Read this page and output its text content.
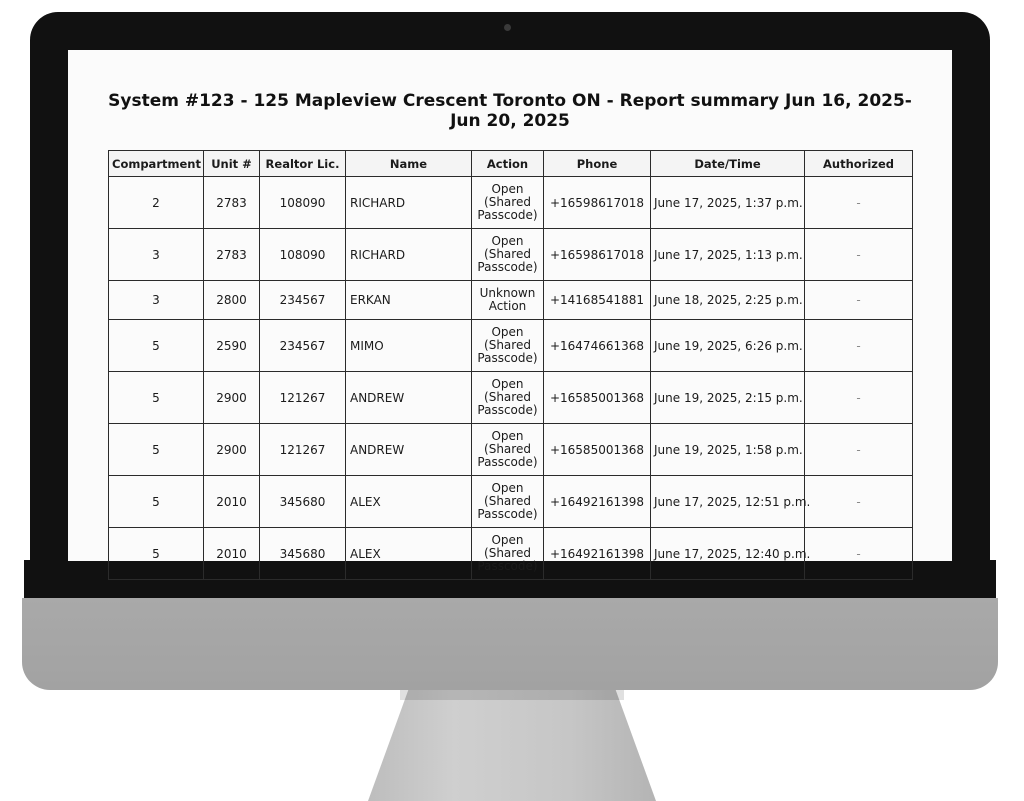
System #123 - 125 Mapleview Crescent Toronto ON - Report summary Jun 16, 2025- Jun 20, 2025
Compartment	Unit #	Realtor Lic.	Name	Action	Phone	Date/Time	Authorized
2	2783	108090	RICHARD	Open (Shared Passcode)	+16598617018	June 17, 2025, 1:37 p.m.	-
3	2783	108090	RICHARD	Open (Shared Passcode)	+16598617018	June 17, 2025, 1:13 p.m.	-
3	2800	234567	ERKAN	Unknown Action	+14168541881	June 18, 2025, 2:25 p.m.	-
5	2590	234567	MIMO	Open (Shared Passcode)	+16474661368	June 19, 2025, 6:26 p.m.	-
5	2900	121267	ANDREW	Open (Shared Passcode)	+16585001368	June 19, 2025, 2:15 p.m.	-
5	2900	121267	ANDREW	Open (Shared Passcode)	+16585001368	June 19, 2025, 1:58 p.m.	-
5	2010	345680	ALEX	Open (Shared Passcode)	+16492161398	June 17, 2025, 12:51 p.m.	-
5	2010	345680	ALEX	Open (Shared Passcode)	+16492161398	June 17, 2025, 12:40 p.m.	-
